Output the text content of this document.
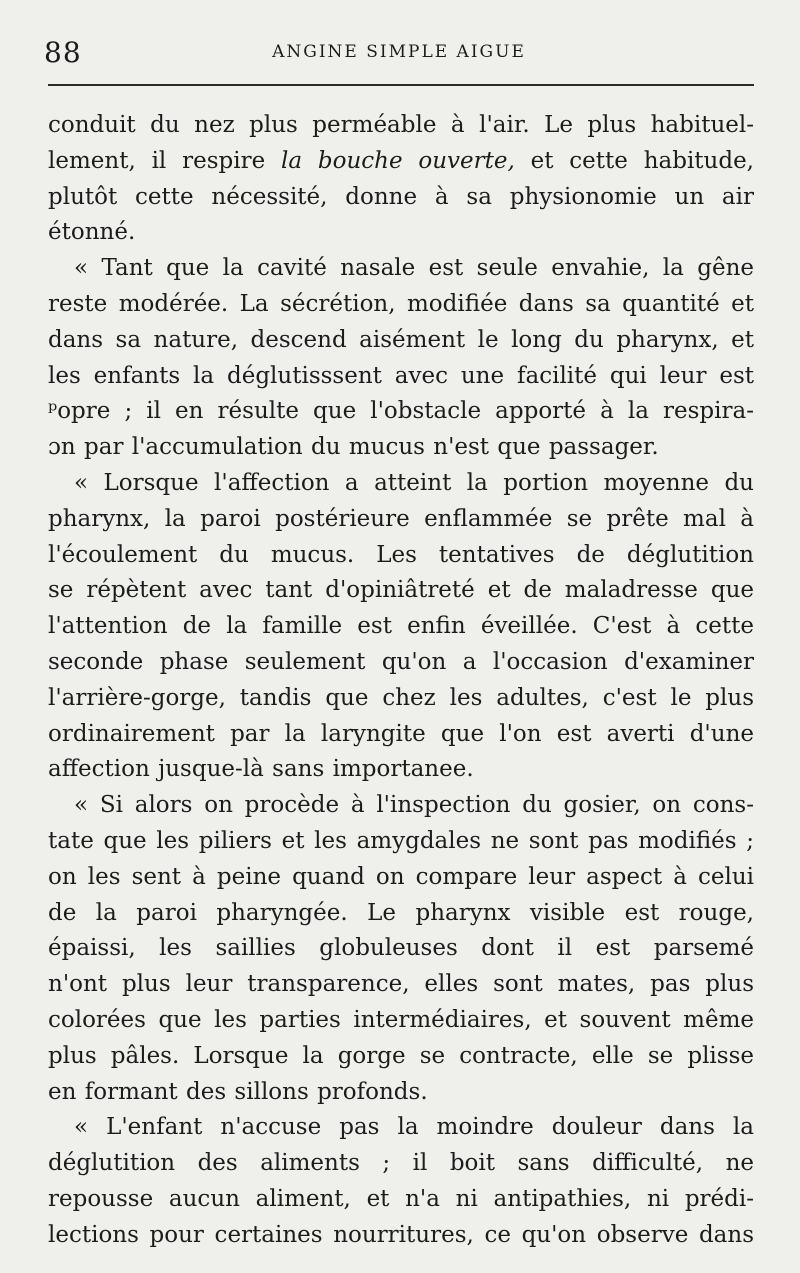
88	ANGINE SIMPLE AIGUE
conduit du nez plus perméable à l'air. Le plus habituel-
lement, il respire la bouche ouverte, et cette habitude,
plutôt cette nécessité, donne à sa physionomie un air
étonné.
« Tant que la cavité nasale est seule envahie, la gêne
reste modérée. La sécrétion, modifiée dans sa quantité et
dans sa nature, descend aisément le long du pharynx, et
les enfants la déglutisssent avec une facilité qui leur est
ᵖopre ; il en résulte que l'obstacle apporté à la respira-
ɔn par l'accumulation du mucus n'est que passager.
« Lorsque l'affection a atteint la portion moyenne du
pharynx, la paroi postérieure enflammée se prête mal à
l'écoulement du mucus. Les tentatives de déglutition
se répètent avec tant d'opiniâtreté et de maladresse que
l'attention de la famille est enfin éveillée. C'est à cette
seconde phase seulement qu'on a l'occasion d'examiner
l'arrière-gorge, tandis que chez les adultes, c'est le plus
ordinairement par la laryngite que l'on est averti d'une
affection jusque-là sans importanee.
« Si alors on procède à l'inspection du gosier, on cons-
tate que les piliers et les amygdales ne sont pas modifiés ;
on les sent à peine quand on compare leur aspect à celui
de la paroi pharyngée. Le pharynx visible est rouge,
épaissi, les saillies globuleuses dont il est parsemé
n'ont plus leur transparence, elles sont mates, pas plus
colorées que les parties intermédiaires, et souvent même
plus pâles. Lorsque la gorge se contracte, elle se plisse
en formant des sillons profonds.
« L'enfant n'accuse pas la moindre douleur dans la
déglutition des aliments ; il boit sans difficulté, ne
repousse aucun aliment, et n'a ni antipathies, ni prédi-
lections pour certaines nourritures, ce qu'on observe dans
